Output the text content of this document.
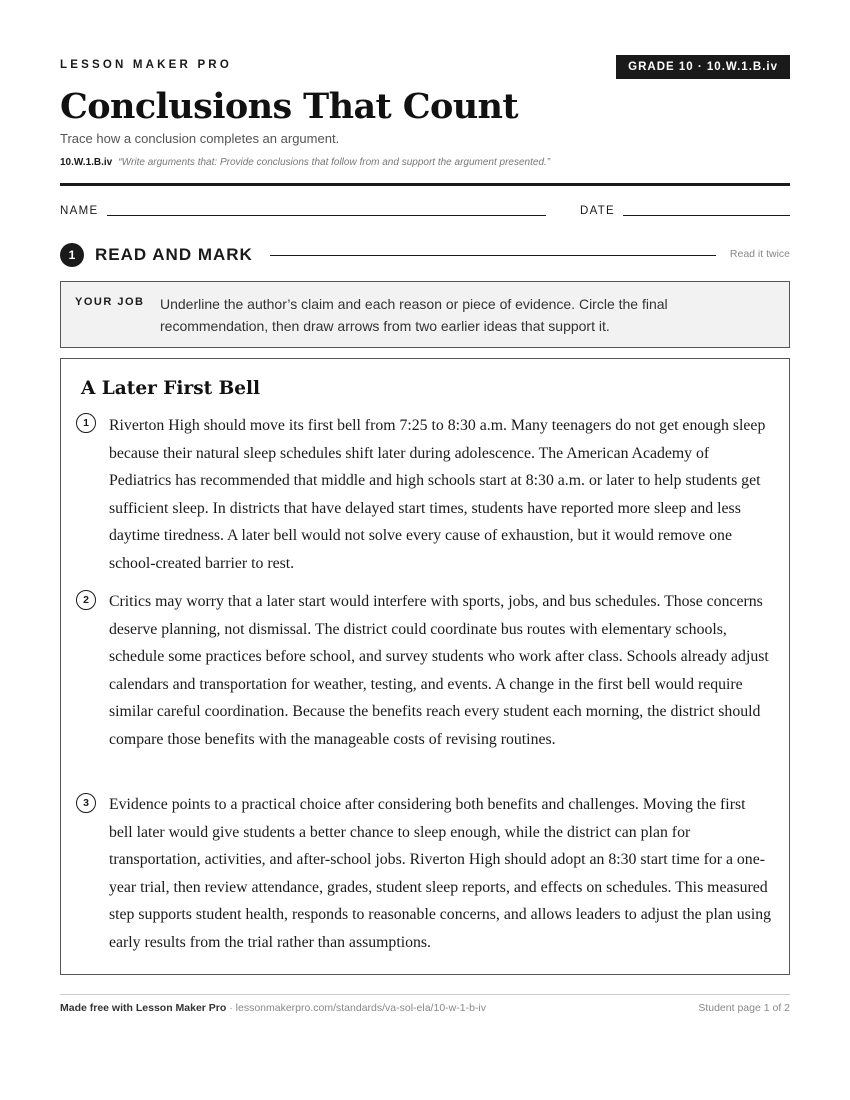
LESSON MAKER PRO	GRADE 10 · 10.W.1.B.iv
Conclusions That Count
Trace how a conclusion completes an argument.
10.W.1.B.iv “Write arguments that: Provide conclusions that follow from and support the argument presented.”
NAME	DATE
1	READ AND MARK	Read it twice
YOUR JOB Underline the author’s claim and each reason or piece of evidence. Circle the final recommendation, then draw arrows from two earlier ideas that support it.
A Later First Bell
1	Riverton High should move its first bell from 7:25 to 8:30 a.m. Many teenagers do not get enough sleep because their natural sleep schedules shift later during adolescence. The American Academy of Pediatrics has recommended that middle and high schools start at 8:30 a.m. or later to help students get sufficient sleep. In districts that have delayed start times, students have reported more sleep and less daytime tiredness. A later bell would not solve every cause of exhaustion, but it would remove one school-created barrier to rest.

2	Critics may worry that a later start would interfere with sports, jobs, and bus schedules. Those concerns deserve planning, not dismissal. The district could coordinate bus routes with elementary schools, schedule some practices before school, and survey students who work after class. Schools already adjust calendars and transportation for weather, testing, and events. A change in the first bell would require similar careful coordination. Because the benefits reach every student each morning, the district should compare those benefits with the manageable costs of revising routines.

3	Evidence points to a practical choice after considering both benefits and challenges. Moving the first bell later would give students a better chance to sleep enough, while the district can plan for transportation, activities, and after-school jobs. Riverton High should adopt an 8:30 start time for a one-year trial, then review attendance, grades, student sleep reports, and effects on schedules. This measured step supports student health, responds to reasonable concerns, and allows leaders to adjust the plan using early results from the trial rather than assumptions.

Made free with Lesson Maker Pro · lessonmakerpro.com/standards/va-sol-ela/10-w-1-b-iv	Student page 1 of 2
